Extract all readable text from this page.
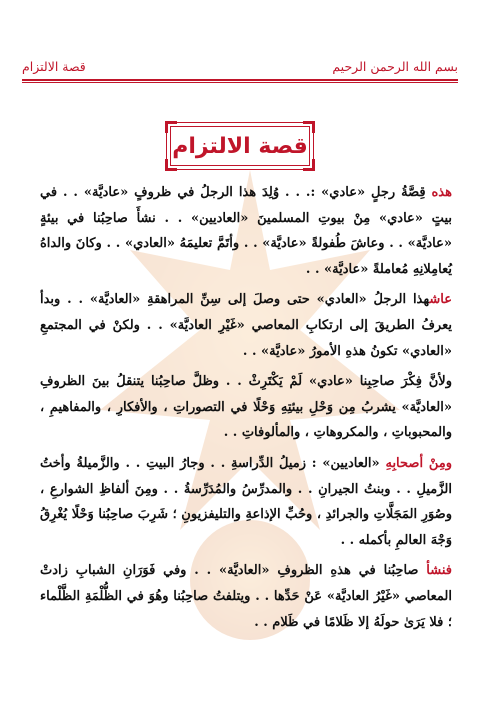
بسم الله الرحمن الرحيم
قصة الالتزام
قصة الالتزام

هذه قِصَّةُ رجلٍ «عادي» :. . . وُلِدَ هذا الرجلُ في ظروفٍ «عاديَّة» . . في بيتٍ «عادي» مِنْ بيوتِ المسلمينَ «العاديين» . . نشأَ صاحِبُنا في بيئةٍ «عاديَّة» . . وعاشَ طُفولةً «عاديَّة» . . وأتَمَّ تعليمَهُ «العادي» . . وكانَ والداهُ يُعامِلانِهِ مُعاملةً «عاديَّة» . .

عاشهذا الرجلُ «العادي» حتى وصلَ إلى سِنِّ المراهقةِ «العاديَّة» . . وبدأ يعرفُ الطريقَ إلى ارتكابِ المعاصي «غَيْرِ العاديَّة» . . ولكنْ في المجتمعِ «العادي» تكونُ هذهِ الأمورُ «عاديَّة» . .

ولأنَّ فِكْرَ صاحِبِنا «عادي» لَمْ يَكْتَرِثْ . . وظلَّ صاحِبُنا يتنقلُ بينَ الظروفِ «العاديَّة» يشربُ مِن وَحْلِ بيئتِهِ وَحْلًا في التصوراتِ ، والأفكارِ ، والمفاهيمِ ، والمحبوباتِ ، والمكروهاتِ ، والمألوفاتِ . .

ومِنْ أصحابِهِ «العاديين» : زميلُ الدِّراسةِ . . وجارُ البيتِ . . والزَّميلةُ وأختُ الزَّميلِ . . وبنتُ الجيرانِ . . والمدرِّسُ والمُدَرِّسةُ . . ومِنَ ألفاظِ الشوارعِ ، وصُوَرِ المَجَلَّاتِ والجرائدِ ، وحُبِّ الإذاعةِ والتليفزيونِ ؛ شَرِبَ صاحِبُنا وَحْلًا يُغْرِقُ وَجْهَ العالمِ بأكمله . .

فنشأ صاحِبُنا في هذهِ الظروفِ «العاديَّة» . . وفي فَوَرَانِ الشبابِ زادتْ المعاصي «غَيْرُ العاديَّة» عَنْ حَدِّها . . ويتلفتُ صاحِبُنا وهُوَ في الظُّلْمَةِ الظَّلْماء ؛ فلا يَرَىٰ حولَهُ إلا ظَلامًا في ظَلام . .
